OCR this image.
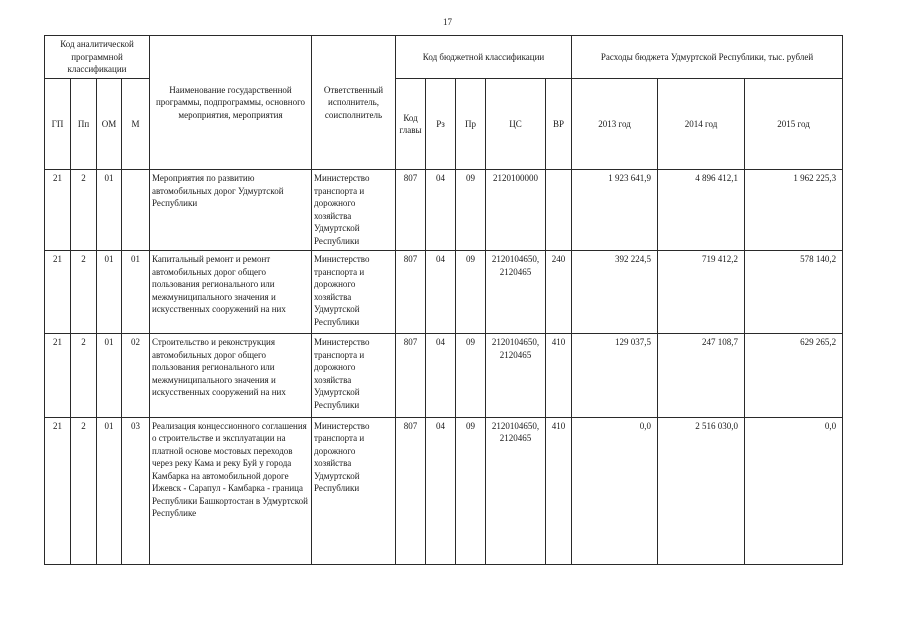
17
Код аналитической программной классификации				Наименование государственной программы, подпрограммы, основного мероприятия, мероприятия	Ответственный исполнитель, соисполнитель	Код бюджетной классификации					Расходы бюджета Удмуртской Республики, тыс. рублей		
ГП	Пп	ОМ	М			Код главы	Рз	Пр	ЦС	ВР	2013 год	2014 год	2015 год
21	2	01		Мероприятия по развитию автомобильных дорог Удмуртской Республики	Министерство транспорта и дорожного хозяйства Удмуртской Республики	807	04	09	2120100000		1 923 641,9	4 896 412,1	1 962 225,3
21	2	01	01	Капитальный ремонт и ремонт автомобильных дорог общего пользования регионального или межмуниципального значения и искусственных сооружений на них	Министерство транспорта и дорожного хозяйства Удмуртской Республики	807	04	09	2120104650, 2120465	240	392 224,5	719 412,2	578 140,2
21	2	01	02	Строительство и реконструкция автомобильных дорог общего пользования регионального или межмуниципального значения и искусственных сооружений на них	Министерство транспорта и дорожного хозяйства Удмуртской Республики	807	04	09	2120104650, 2120465	410	129 037,5	247 108,7	629 265,2
21	2	01	03	Реализация концессионного соглашения о строительстве и эксплуатации на платной основе мостовых переходов через реку Кама и реку Буй у города Камбарка на автомобильной дороге Ижевск - Сарапул - Камбарка - граница Республики Башкортостан в Удмуртской Республике	Министерство транспорта и дорожного хозяйства Удмуртской Республики	807	04	09	2120104650, 2120465	410	0,0	2 516 030,0	0,0
